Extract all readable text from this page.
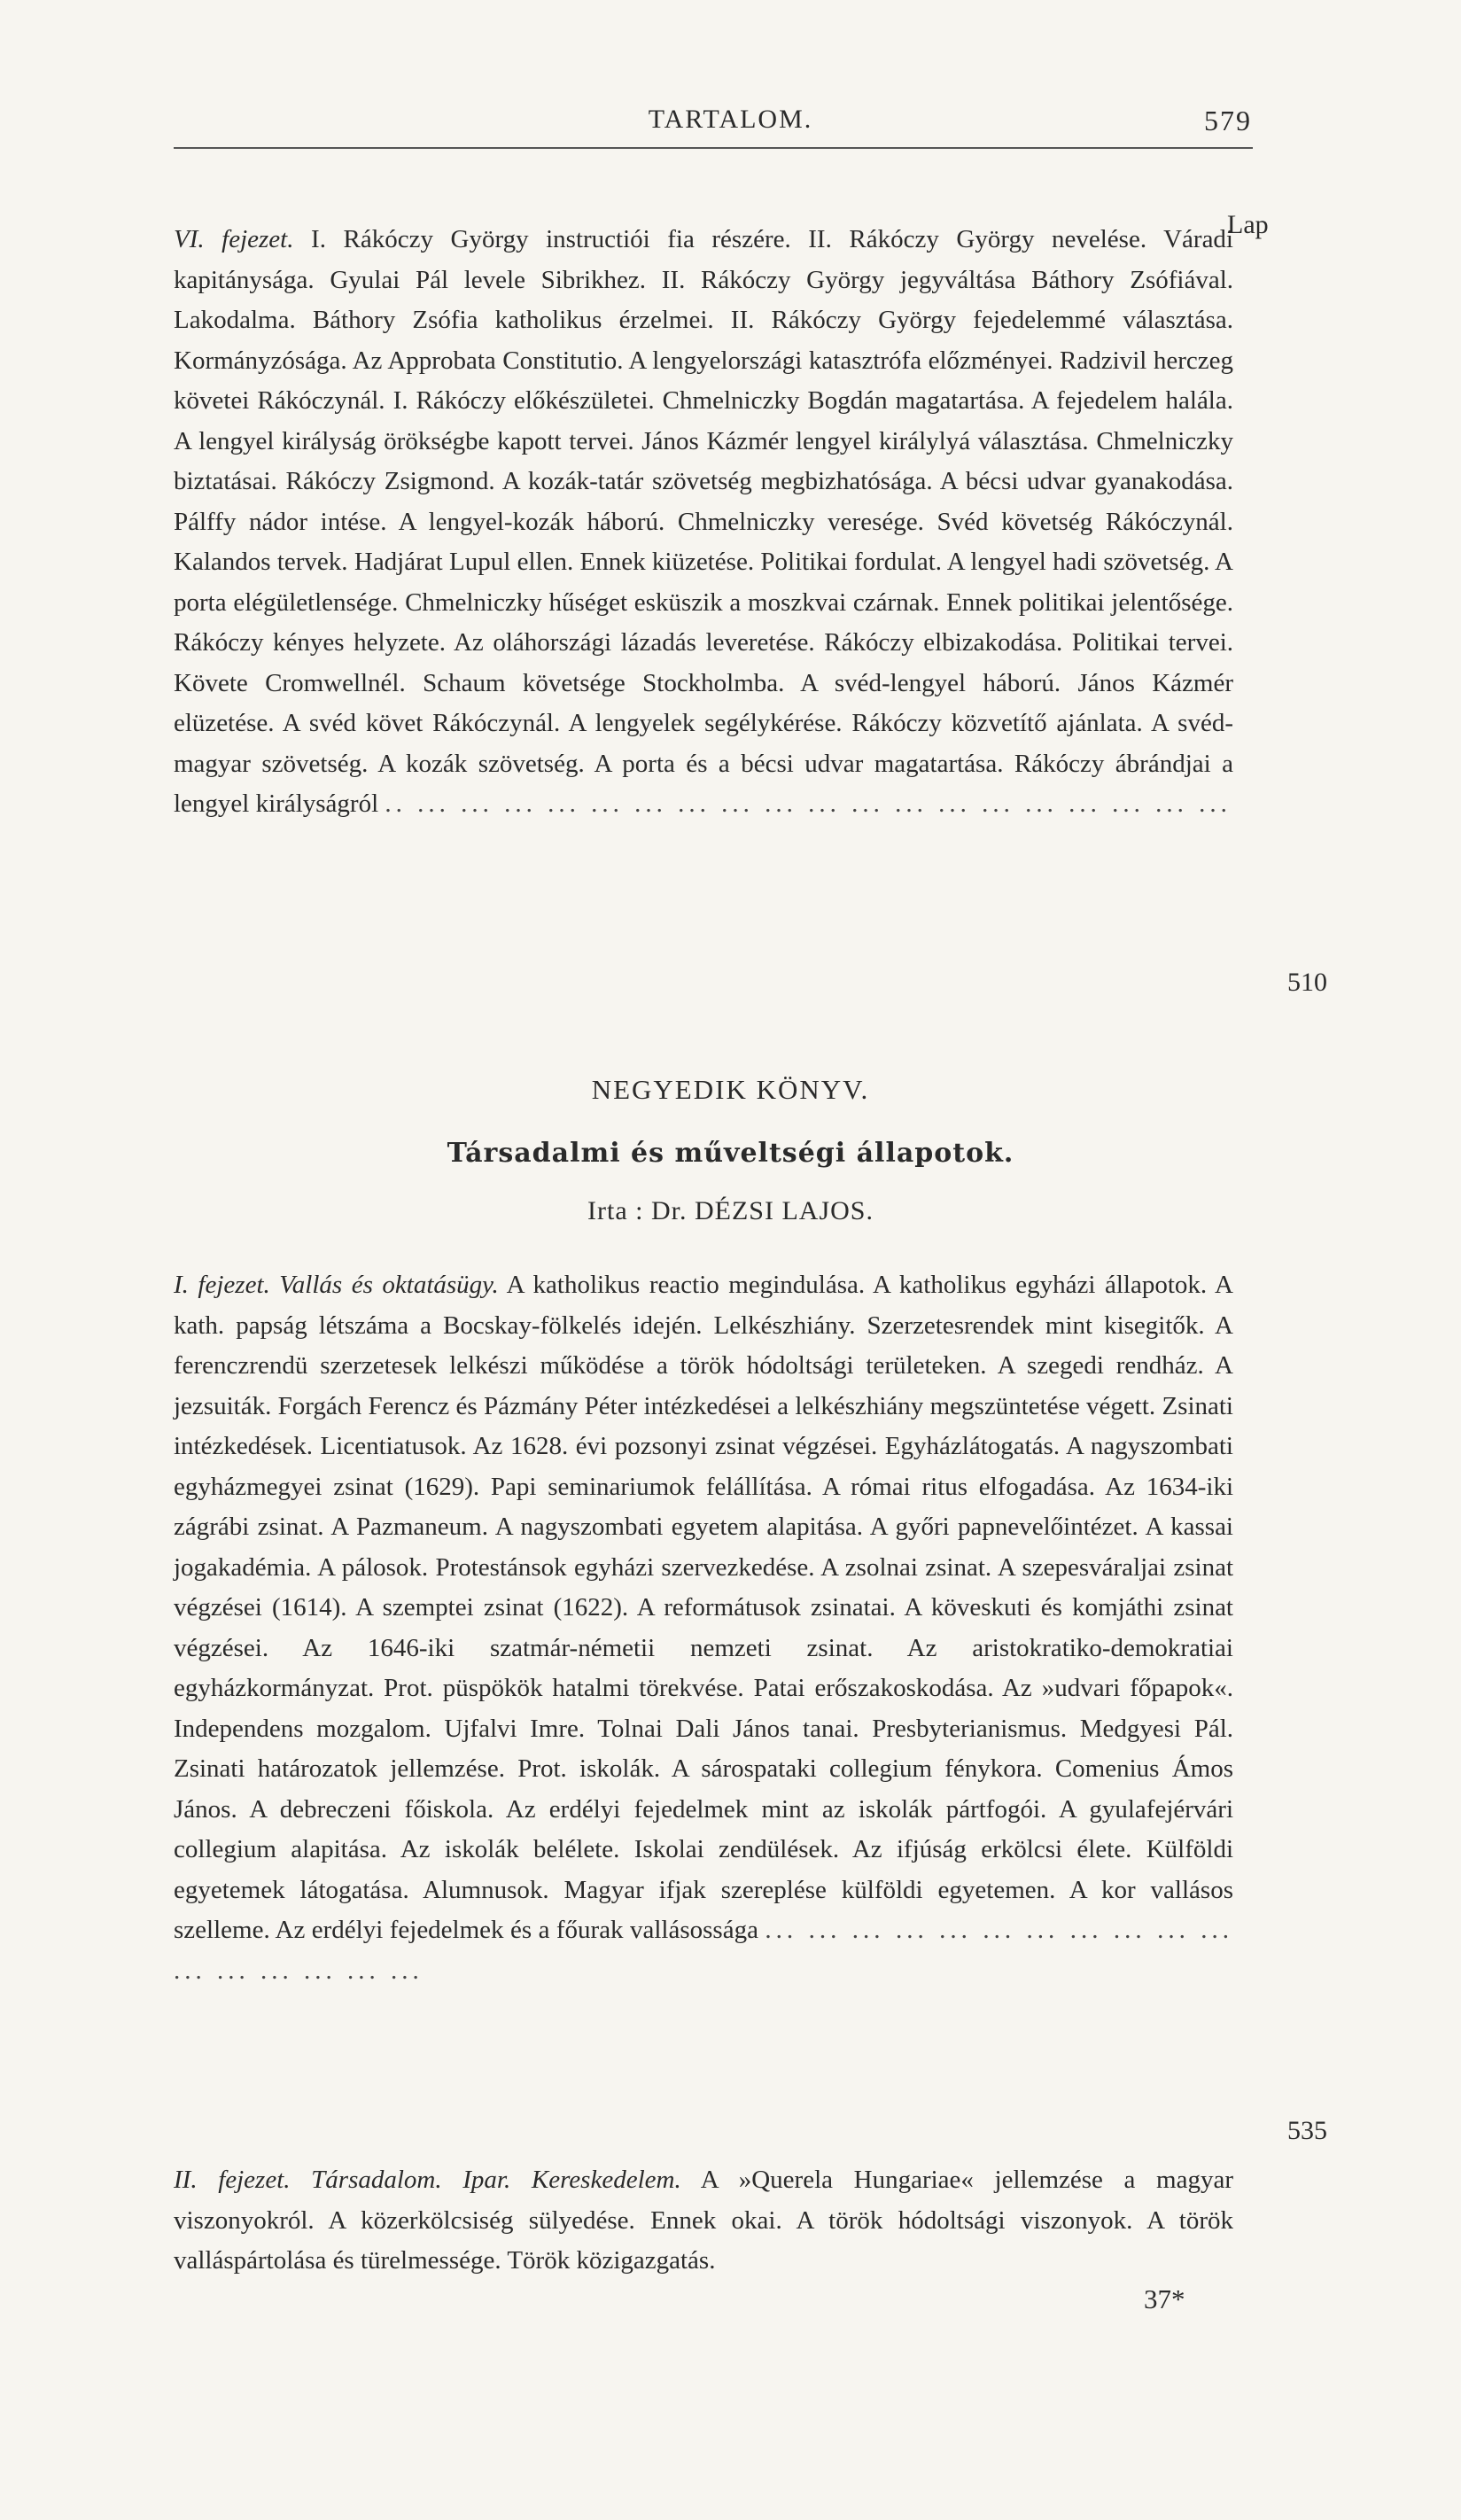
TARTALOM.	579
Lap
VI. fejezet. I. Rákóczy György instructiói fia részére. II. Rákóczy György nevelése. Váradi kapitánysága. Gyulai Pál levele Sibrikhez. II. Rákóczy György jegyváltása Báthory Zsófiával. Lakodalma. Báthory Zsófia katholikus érzelmei. II. Rákóczy György fejedelemmé választása. Kormányzósága. Az Approbata Constitutio. A lengyelországi katasztrófa előzményei. Radzivil herczeg követei Rákóczynál. I. Rákóczy előkészületei. Chmelniczky Bogdán magatartása. A fejedelem halála. A lengyel királyság örökségbe kapott tervei. János Kázmér lengyel királylyá választása. Chmelniczky biztatásai. Rákóczy Zsigmond. A kozák-tatár szövetség megbizhatósága. A bécsi udvar gyanakodása. Pálffy nádor intése. A lengyel-kozák háború. Chmelniczky veresége. Svéd követség Rákóczynál. Kalandos tervek. Hadjárat Lupul ellen. Ennek kiüzetése. Politikai fordulat. A lengyel hadi szövetség. A porta elégületlensége. Chmelniczky hűséget esküszik a moszkvai czárnak. Ennek politikai jelentősége. Rákóczy kényes helyzete. Az oláhországi lázadás leveretése. Rákóczy elbizakodása. Politikai tervei. Követe Cromwellnél. Schaum követsége Stockholmba. A svéd-lengyel háború. János Kázmér elüzetése. A svéd követ Rákóczynál. A lengyelek segélykérése. Rákóczy közvetítő ajánlata. A svéd-magyar szövetség. A kozák szövetség. A porta és a bécsi udvar magatartása. Rákóczy ábrándjai a lengyel királyságról .. ... ... ... ... ... ... ... ... ... ... ... ... ... ... ... ... ... ... ...
510
NEGYEDIK KÖNYV.
Társadalmi és műveltségi állapotok.
Irta : Dr. DÉZSI LAJOS.
I. fejezet. Vallás és oktatásügy. A katholikus reactio megindulása. A katholikus egyházi állapotok. A kath. papság létszáma a Bocskay-fölkelés idején. Lelkészhiány. Szerzetesrendek mint kisegitők. A ferenczrendü szerzetesek lelkészi működése a török hódoltsági területeken. A szegedi rendház. A jezsuiták. Forgách Ferencz és Pázmány Péter intézkedései a lelkészhiány megszüntetése végett. Zsinati intézkedések. Licentiatusok. Az 1628. évi pozsonyi zsinat végzései. Egyházlátogatás. A nagyszombati egyházmegyei zsinat (1629). Papi seminariumok felállítása. A római ritus elfogadása. Az 1634-iki zágrábi zsinat. A Pazmaneum. A nagyszombati egyetem alapitása. A győri papnevelőintézet. A kassai jogakadémia. A pálosok. Protestánsok egyházi szervezkedése. A zsolnai zsinat. A szepesváraljai zsinat végzései (1614). A szemptei zsinat (1622). A reformátusok zsinatai. A köveskuti és komjáthi zsinat végzései. Az 1646-iki szatmár-németii nemzeti zsinat. Az aristokratiko-demokratiai egyházkormányzat. Prot. püspökök hatalmi törekvése. Patai erőszakoskodása. Az »udvari főpapok«. Independens mozgalom. Ujfalvi Imre. Tolnai Dali János tanai. Presbyterianismus. Medgyesi Pál. Zsinati határozatok jellemzése. Prot. iskolák. A sárospataki collegium fénykora. Comenius Ámos János. A debreczeni főiskola. Az erdélyi fejedelmek mint az iskolák pártfogói. A gyulafejérvári collegium alapitása. Az iskolák belélete. Iskolai zendülések. Az ifjúság erkölcsi élete. Külföldi egyetemek látogatása. Alumnusok. Magyar ifjak szereplése külföldi egyetemen. A kor vallásos szelleme. Az erdélyi fejedelmek és a főurak vallásossága ... ... ... ... ... ... ... ... ... ... ... ... ... ... ... ... ...
535
II. fejezet. Társadalom. Ipar. Kereskedelem. A »Querela Hungariae« jellemzése a magyar viszonyokról. A közerkölcsiség sülyedése. Ennek okai. A török hódoltsági viszonyok. A török valláspártolása és türelmessége. Török közigazgatás.
37*
